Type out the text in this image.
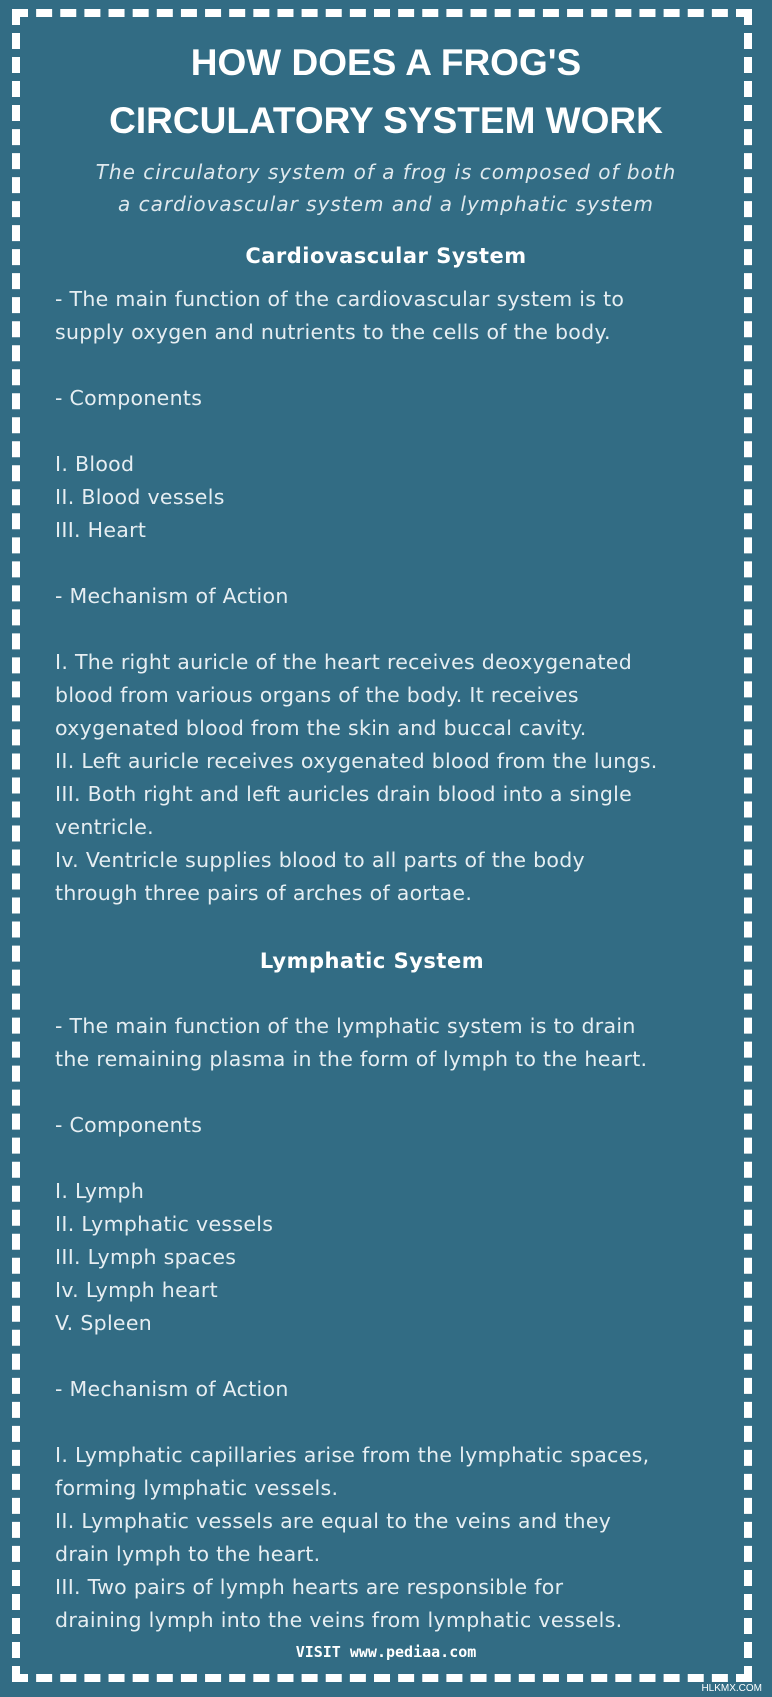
HOW DOES A FROG'S
CIRCULATORY SYSTEM WORK

The circulatory system of a frog is composed of both
a cardiovascular system and a lymphatic system

Cardiovascular System
- The main function of the cardiovascular system is to
supply oxygen and nutrients to the cells of the body.

- Components

I. Blood
II. Blood vessels
III. Heart

- Mechanism of Action

I. The right auricle of the heart receives deoxygenated
blood from various organs of the body. It receives
oxygenated blood from the skin and buccal cavity.
II. Left auricle receives oxygenated blood from the lungs.
III. Both right and left auricles drain blood into a single
ventricle.
Iv. Ventricle supplies blood to all parts of the body
through three pairs of arches of aortae.
Lymphatic System
- The main function of the lymphatic system is to drain
the remaining plasma in the form of lymph to the heart.

- Components

I. Lymph
II. Lymphatic vessels
III. Lymph spaces
Iv. Lymph heart
V. Spleen

- Mechanism of Action

I. Lymphatic capillaries arise from the lymphatic spaces,
forming lymphatic vessels.
II. Lymphatic vessels are equal to the veins and they
drain lymph to the heart.
III. Two pairs of lymph hearts are responsible for
draining lymph into the veins from lymphatic vessels.

VISIT www.pediaa.com

HLKMX.COM
